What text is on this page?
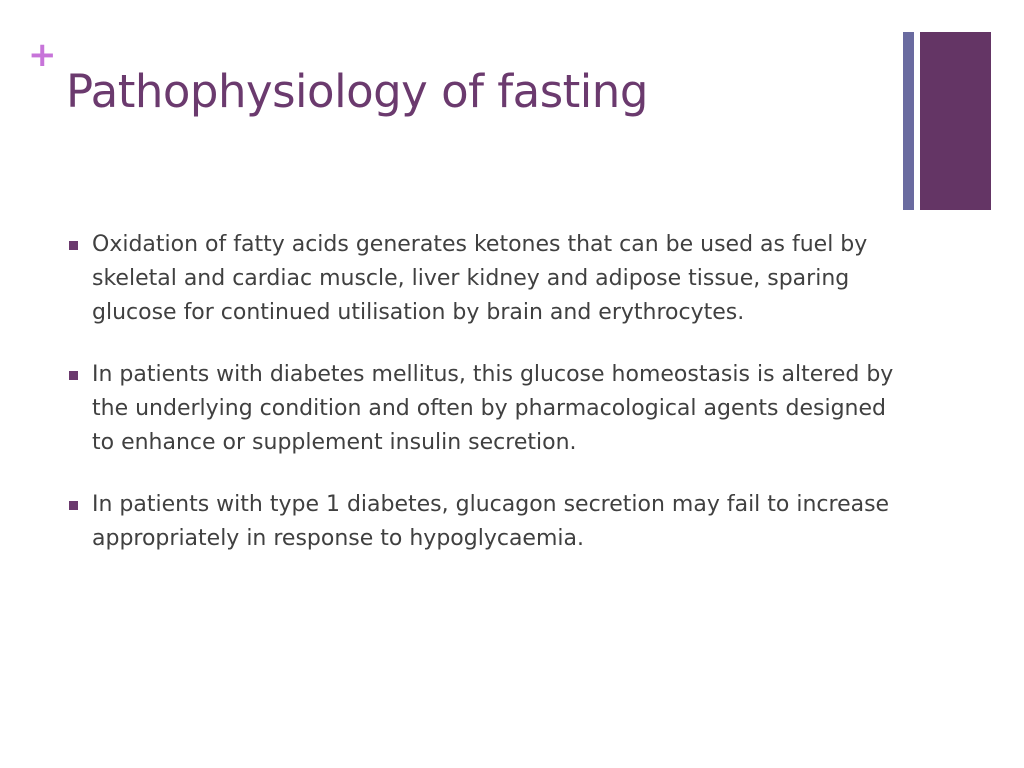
+
Pathophysiology of fasting
Oxidation of fatty acids generates ketones that can be used as fuel by skeletal and cardiac muscle, liver kidney and adipose tissue, sparing glucose for continued utilisation by brain and erythrocytes.
In patients with diabetes mellitus, this glucose homeostasis is altered by the underlying condition and often by pharmacological agents designed to enhance or supplement insulin secretion.
In patients with type 1 diabetes, glucagon secretion may fail to increase appropriately in response to hypoglycaemia.
